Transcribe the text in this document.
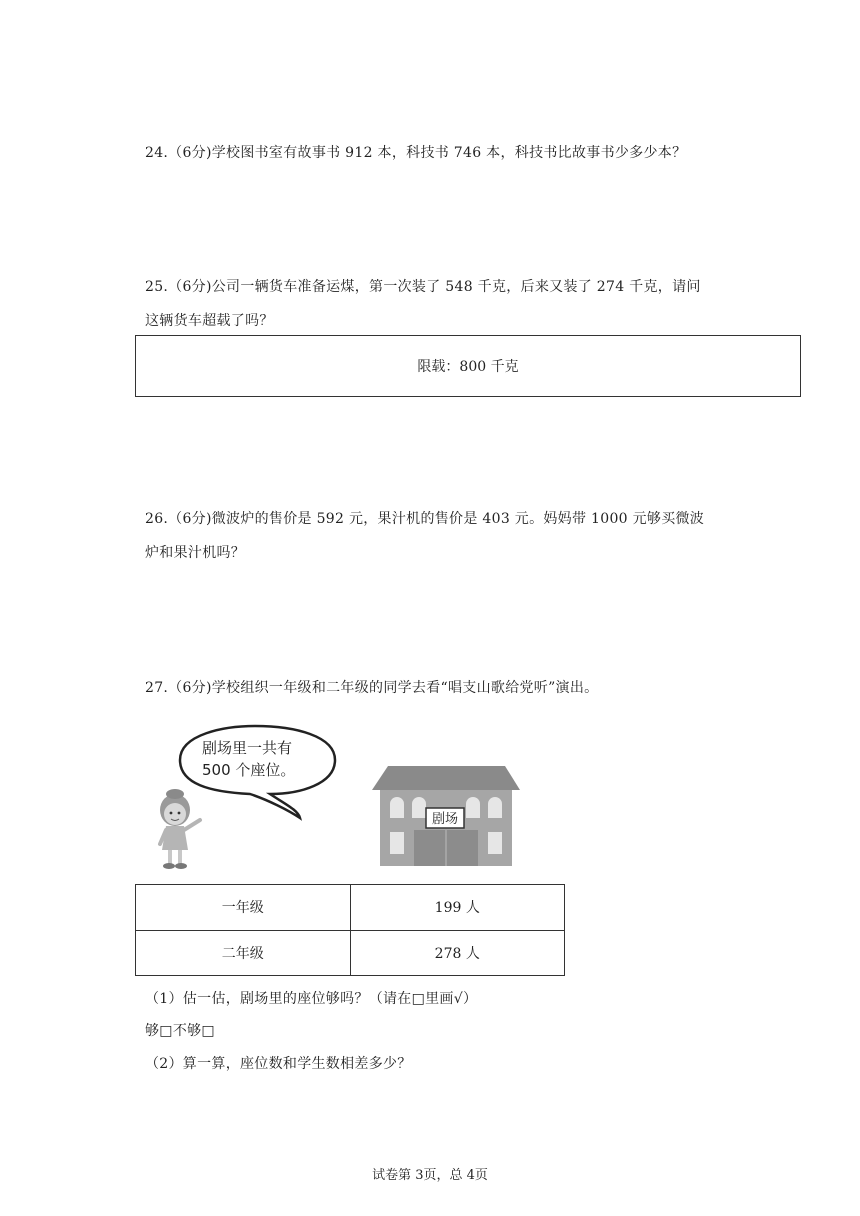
24.（6分)学校图书室有故事书 912 本，科技书 746 本，科技书比故事书少多少本？
25.（6分)公司一辆货车准备运煤，第一次装了 548 千克，后来又装了 274 千克，请问
这辆货车超载了吗？
限载：800 千克
26.（6分)微波炉的售价是 592 元，果汁机的售价是 403 元。妈妈带 1000 元够买微波
炉和果汁机吗？
27.（6分)学校组织一年级和二年级的同学去看“唱支山歌给党听”演出。
剧场里一共有
500 个座位。
剧场
一年级	199 人
二年级	278 人
（1）估一估，剧场里的座位够吗？（请在□里画√）
够□不够□
（2）算一算，座位数和学生数相差多少？
试卷第 3页，总 4页
